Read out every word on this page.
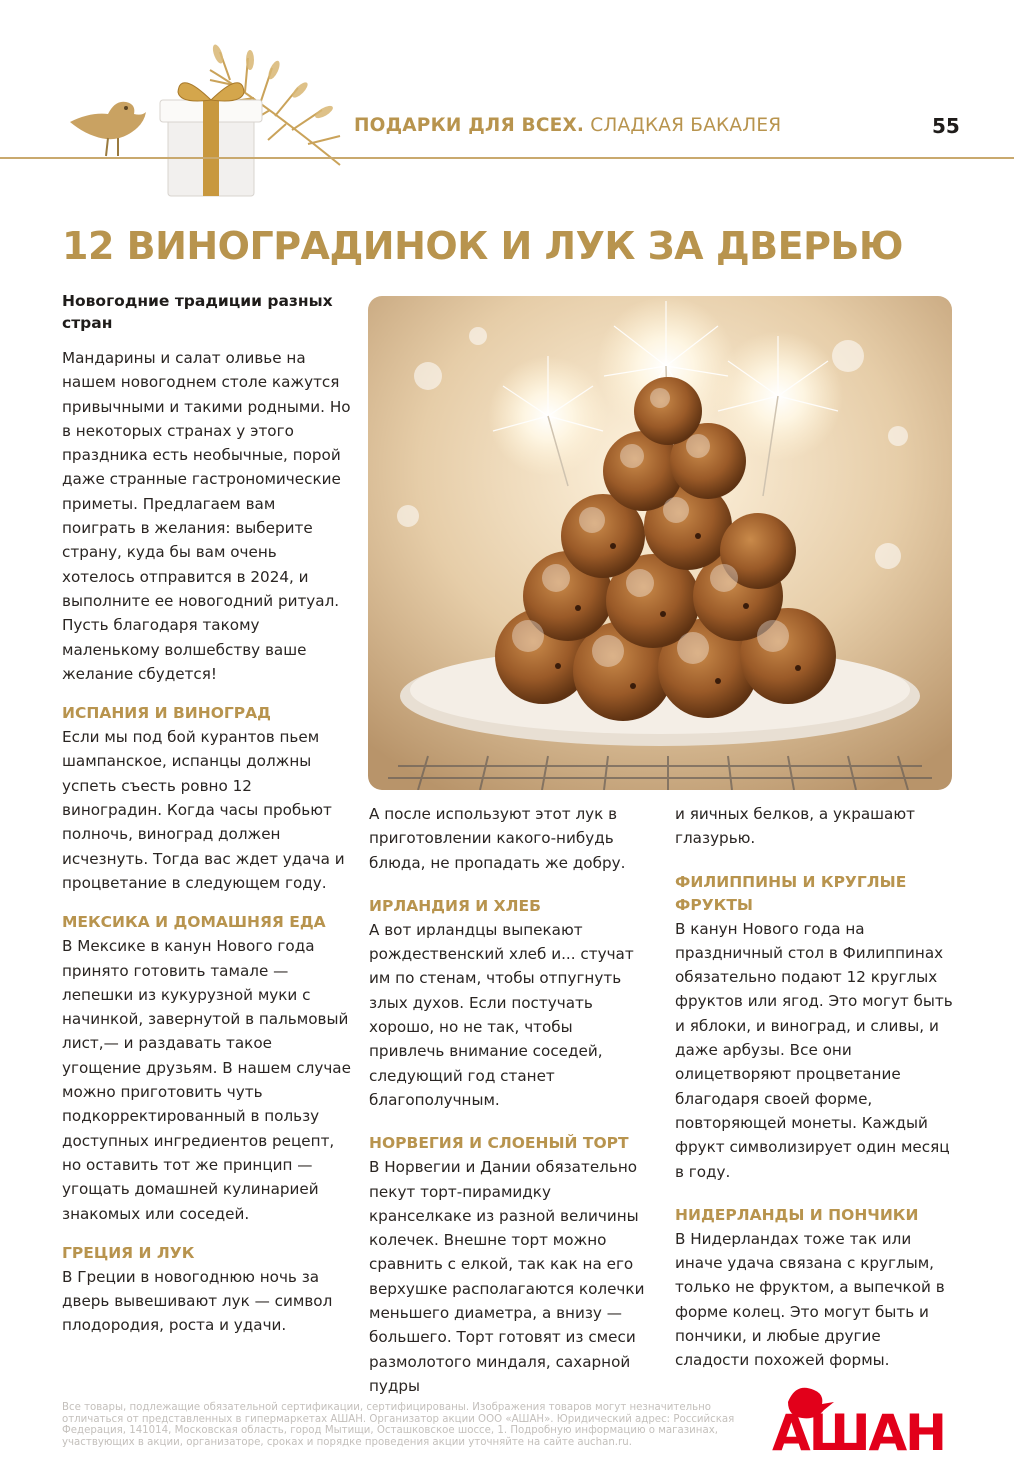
ПОДАРКИ ДЛЯ ВСЕХ. СЛАДКАЯ БАКАЛЕЯ	55
12 ВИНОГРАДИНОК И ЛУК ЗА ДВЕРЬЮ
Новогодние традиции разных стран

Мандарины и салат оливье на нашем новогоднем столе кажутся привычными и такими родными. Но в некоторых странах у этого праздника есть необычные, порой даже странные гастрономические приметы. Предлагаем вам поиграть в желания: выберите страну, куда бы вам очень хотелось отправится в 2024, и выполните ее новогодний ритуал. Пусть благодаря такому маленькому волшебству ваше желание сбудется!

ИСПАНИЯ И ВИНОГРАД

Если мы под бой курантов пьем шампанское, испанцы должны успеть съесть ровно 12 виноградин. Когда часы пробьют полночь, виноград должен исчезнуть. Тогда вас ждет удача и процветание в следующем году.

МЕКСИКА И ДОМАШНЯЯ ЕДА

В Мексике в канун Нового года принято готовить тамале — лепешки из кукурузной муки с начинкой, завернутой в пальмовый лист,— и раздавать такое угощение друзьям. В нашем случае можно приготовить чуть подкорректированный в пользу доступных ингредиентов рецепт, но оставить тот же принцип — угощать домашней кулинарией знакомых или соседей.

ГРЕЦИЯ И ЛУК

В Греции в новогоднюю ночь за дверь вывешивают лук — символ плодородия, роста и удачи.

А после используют этот лук в приготовлении какого-нибудь блюда, не пропадать же добру.

ИРЛАНДИЯ И ХЛЕБ

А вот ирландцы выпекают рождественский хлеб и... стучат им по стенам, чтобы отпугнуть злых духов. Если постучать хорошо, но не так, чтобы привлечь внимание соседей, следующий год станет благополучным.

НОРВЕГИЯ И СЛОЕНЫЙ ТОРТ

В Норвегии и Дании обязательно пекут торт-пирамидку кранселкаке из разной величины колечек. Внешне торт можно сравнить с елкой, так как на его верхушке располагаются колечки меньшего диаметра, а внизу — большего. Торт готовят из смеси размолотого миндаля, сахарной пудры

и яичных белков, а украшают глазурью.

ФИЛИППИНЫ И КРУГЛЫЕ ФРУКТЫ

В канун Нового года на праздничный стол в Филиппинах обязательно подают 12 круглых фруктов или ягод. Это могут быть и яблоки, и виноград, и сливы, и даже арбузы. Все они олицетворяют процветание благодаря своей форме, повторяющей монеты. Каждый фрукт символизирует один месяц в году.

НИДЕРЛАНДЫ И ПОНЧИКИ

В Нидерландах тоже так или иначе удача связана с круглым, только не фруктом, а выпечкой в форме колец. Это могут быть и пончики, и любые другие сладости похожей формы.

Все товары, подлежащие обязательной сертификации, сертифицированы. Изображения товаров могут незначительно отличаться от представленных в гипермаркетах АШАН. Организатор акции ООО «АШАН». Юридический адрес: Российская Федерация, 141014, Московская область, город Мытищи, Осташковское шоссе, 1. Подробную информацию о магазинах, участвующих в акции, организаторе, сроках и порядке проведения акции уточняйте на сайте auchan.ru.	АШАН
